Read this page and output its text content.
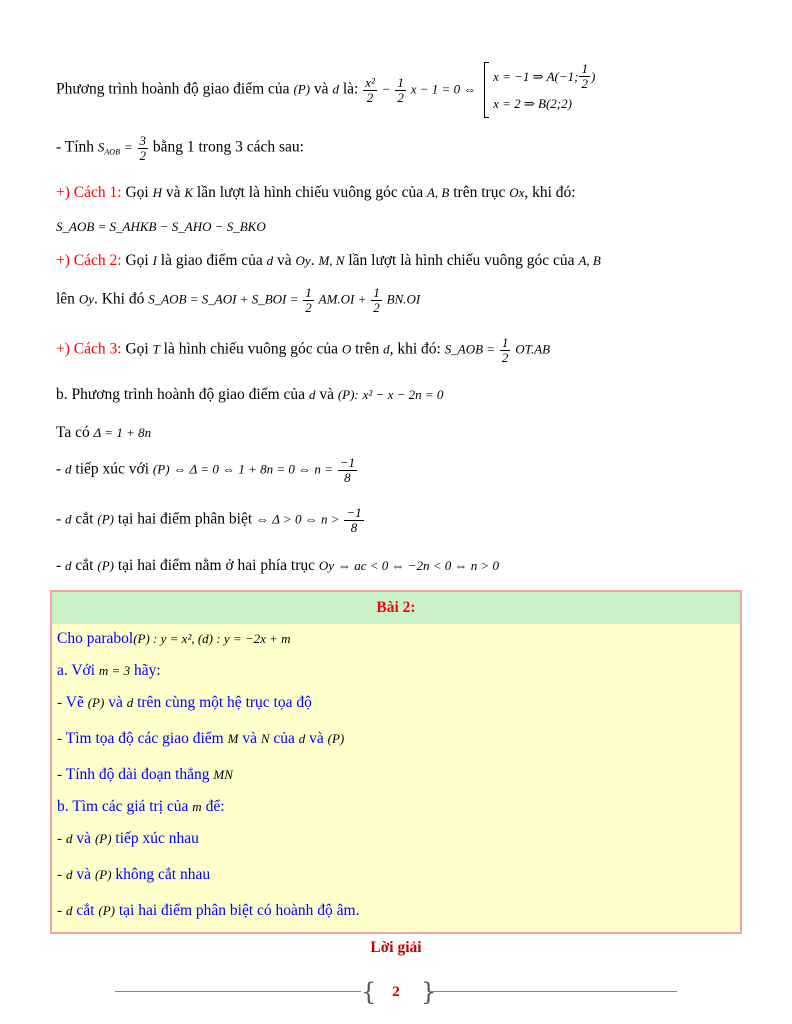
Phương trình hoành độ giao điểm của (P) và d là: $\frac{\text{x²}}{2} - \frac{1}{2}$ x − 1 = 0 ⇔
x = −1 ⇒ A(−1; $\frac{1}{2}$ )
x = 2 ⇒ B(2;2)
- Tính $S_{AOB} = \frac{3}{2}$ bằng 1 trong 3 cách sau:
+) Cách 1: Gọi H và K lần lượt là hình chiếu vuông góc của A, B trên trục Ox, khi đó:
S_AOB = S_AHKB − S_AHO − S_BKO
+) Cách 2: Gọi I là giao điểm của d và Oy. M, N lần lượt là hình chiếu vuông góc của A, B
lên Oy. Khi đó S_AOB = S_AOI + S_BOI = $\frac{1}{2} AM.OI + \frac{1}{2} BN.OI$
+) Cách 3: Gọi T là hình chiếu vuông góc của O trên d, khi đó: S_AOB = $\frac{1}{2} OT.AB$
b. Phương trình hoành độ giao điểm của d và (P): x² − x − 2n = 0
Ta có Δ = 1 + 8n
- d tiếp xúc với (P) ⇔ Δ = 0 ⇔ 1 + 8n = 0 ⇔ $n = \frac{-1}{8}$
- d cắt (P) tại hai điểm phân biệt ⇔ Δ > 0 ⇔ $n > \frac{-1}{8}$
- d cắt (P) tại hai điểm nằm ở hai phía trục Oy ⇔ ac < 0 ⇔ −2n < 0 ⇔ n > 0
Bài 2:
Cho parabol(P) : y = x², (d) : y = −2x + m
a. Với m = 3 hãy:
- Vẽ (P) và d trên cùng một hệ trục tọa độ
- Tìm tọa độ các giao điểm M và N của d và (P)
- Tính độ dài đoạn thẳng MN
b. Tìm các giá trị của m để:
- d và (P) tiếp xúc nhau
- d và (P) không cắt nhau
- d cắt (P) tại hai điểm phân biệt có hoành độ âm.
Lời giải
{	2 }
